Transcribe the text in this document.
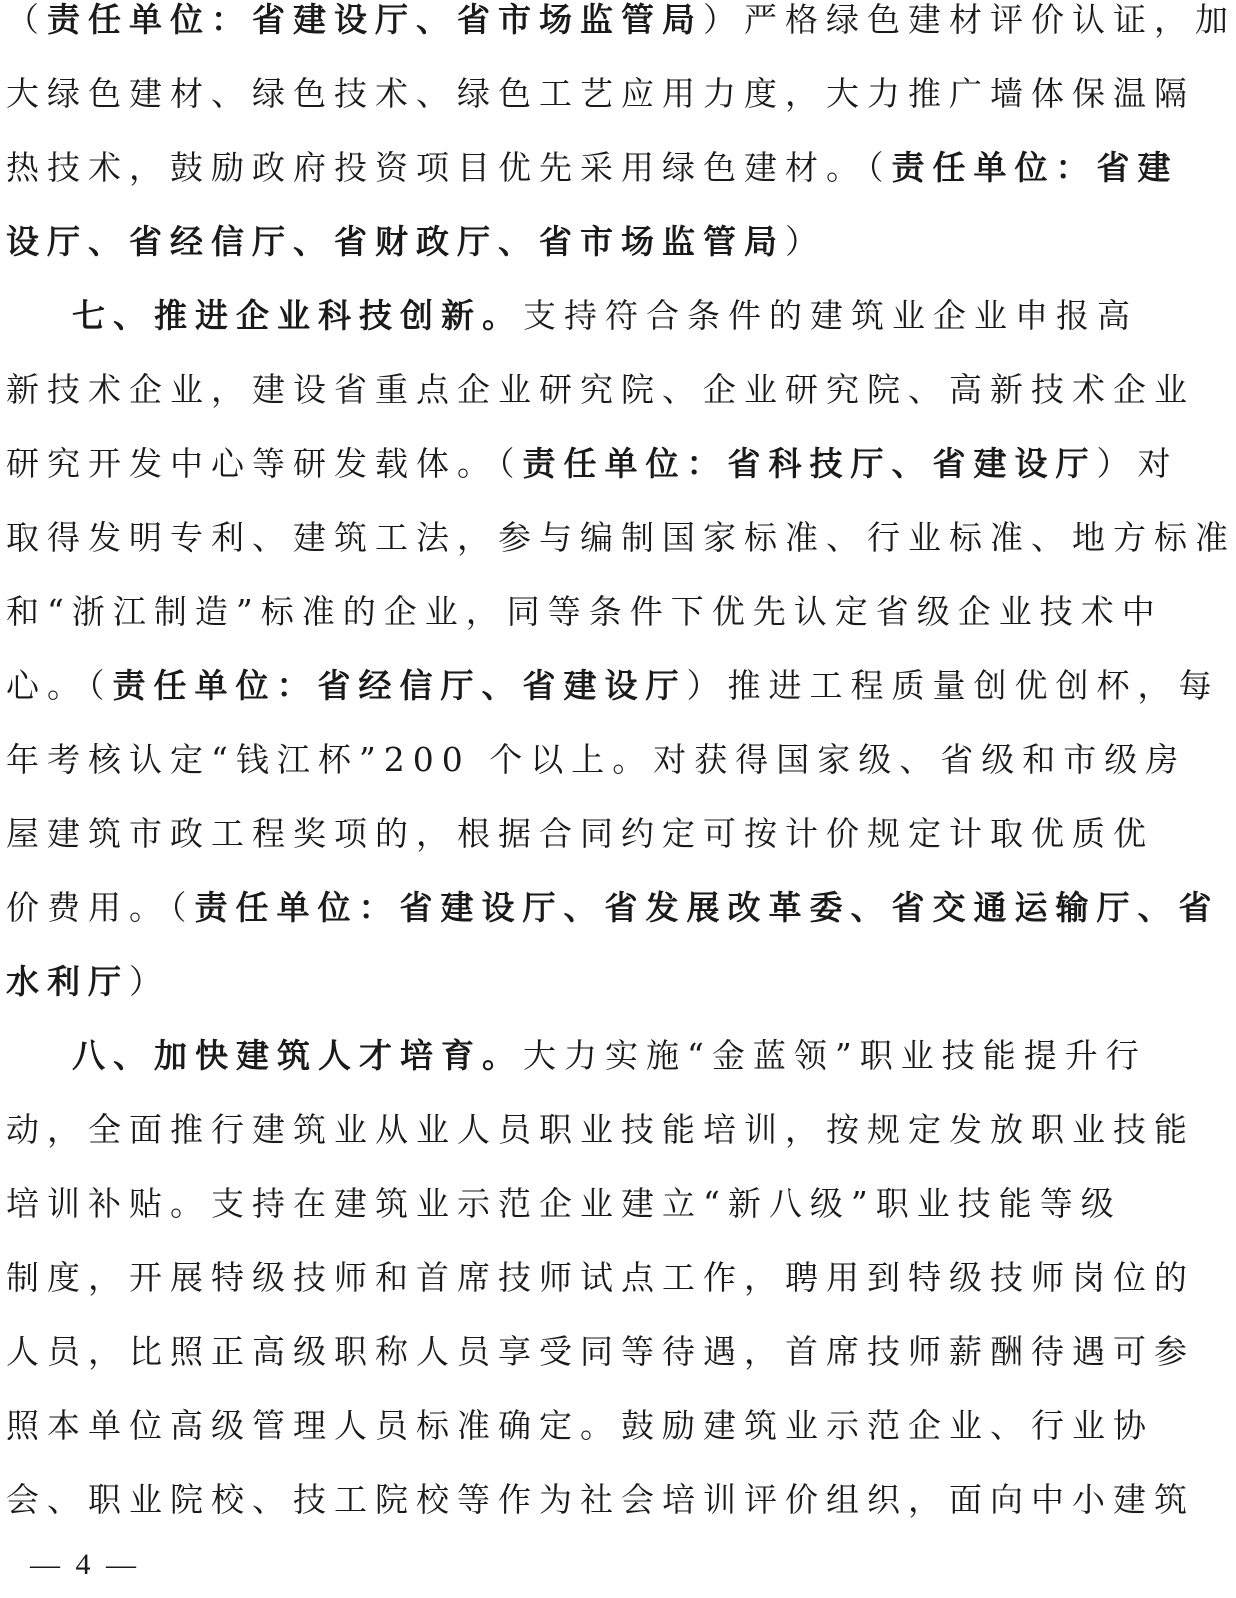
（责任单位：省建设厅、省市场监管局）严格绿色建材评价认证，加
大绿色建材、绿色技术、绿色工艺应用力度，大力推广墙体保温隔
热技术，鼓励政府投资项目优先采用绿色建材。（责任单位：省建
设厅、省经信厅、省财政厅、省市场监管局）
七、推进企业科技创新。支持符合条件的建筑业企业申报高
新技术企业，建设省重点企业研究院、企业研究院、高新技术企业
研究开发中心等研发载体。（责任单位：省科技厅、省建设厅）对
取得发明专利、建筑工法，参与编制国家标准、行业标准、地方标准
和“浙江制造”标准的企业，同等条件下优先认定省级企业技术中
心。（责任单位：省经信厅、省建设厅）推进工程质量创优创杯，每
年考核认定“钱江杯”200 个以上。对获得国家级、省级和市级房
屋建筑市政工程奖项的，根据合同约定可按计价规定计取优质优
价费用。（责任单位：省建设厅、省发展改革委、省交通运输厅、省
水利厅）
八、加快建筑人才培育。大力实施“金蓝领”职业技能提升行
动，全面推行建筑业从业人员职业技能培训，按规定发放职业技能
培训补贴。支持在建筑业示范企业建立“新八级”职业技能等级
制度，开展特级技师和首席技师试点工作，聘用到特级技师岗位的
人员，比照正高级职称人员享受同等待遇，首席技师薪酬待遇可参
照本单位高级管理人员标准确定。鼓励建筑业示范企业、行业协
会、职业院校、技工院校等作为社会培训评价组织，面向中小建筑
— 4 —
